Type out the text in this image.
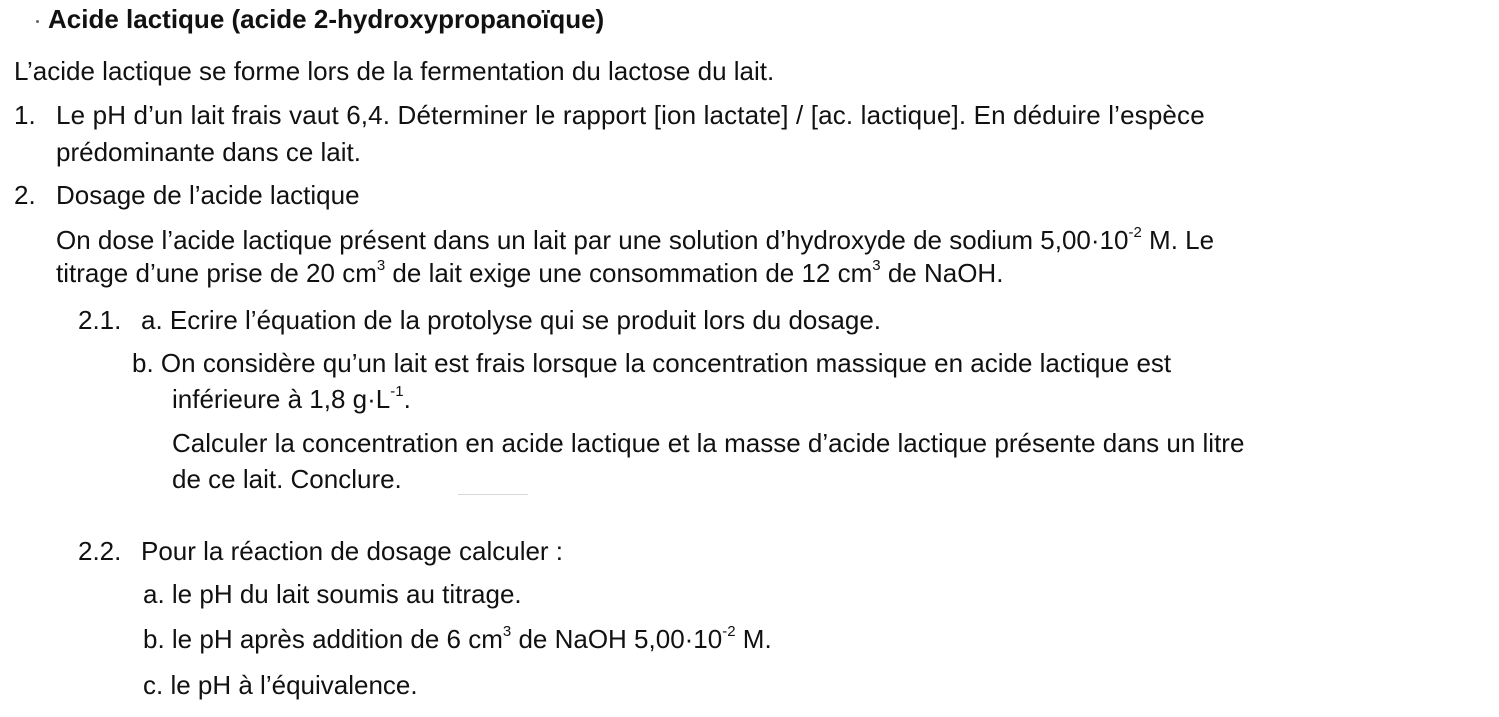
Acide lactique (acide 2-hydroxypropanoïque)
L’acide lactique se forme lors de la fermentation du lactose du lait.
1. Le pH d’un lait frais vaut 6,4. Déterminer le rapport [ion lactate] / [ac. lactique]. En déduire l’espèce
prédominante dans ce lait.
2. Dosage de l’acide lactique
On dose l’acide lactique présent dans un lait par une solution d’hydroxyde de sodium $5,00\cdot 10^{-2}$ M. Le
titrage d’une prise de 20 $cm^3$ de lait exige une consommation de 12 $cm^3$ de NaOH.
2.1. a. Ecrire l’équation de la protolyse qui se produit lors du dosage.
b. On considère qu’un lait est frais lorsque la concentration massique en acide lactique est
inférieure à 1,8 $g\cdot L^{-1}$.
Calculer la concentration en acide lactique et la masse d’acide lactique présente dans un litre
de ce lait. Conclure.
2.2. Pour la réaction de dosage calculer :
a. le pH du lait soumis au titrage.
b. le pH après addition de 6 $cm^3$ de NaOH $5,00\cdot 10^{-2}$ M.
c. le pH à l’équivalence.
